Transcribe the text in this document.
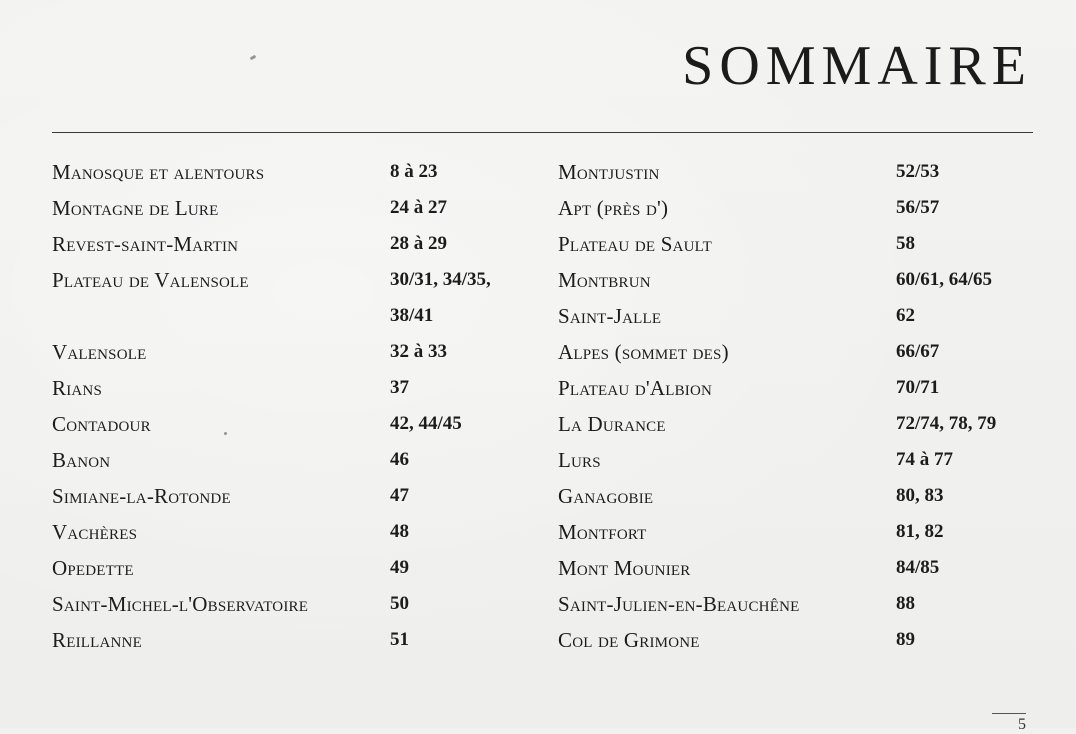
SOMMAIRE
Manosque et alentours	8 à 23
Montagne de Lure	24 à 27
Revest-saint-Martin	28 à 29
Plateau de Valensole	30/31, 34/35,
38/41
Valensole	32 à 33
Rians	37
Contadour	42, 44/45
Banon	46
Simiane-la-Rotonde	47
Vachères	48
Opedette	49
Saint-Michel-l'Observatoire	50
Reillanne	51
Montjustin	52/53
Apt (près d')	56/57
Plateau de Sault	58
Montbrun	60/61, 64/65
Saint-Jalle	62
Alpes (sommet des)	66/67
Plateau d'Albion	70/71
La Durance	72/74, 78, 79
Lurs	74 à 77
Ganagobie	80, 83
Montfort	81, 82
Mont Mounier	84/85
Saint-Julien-en-Beauchêne	88
Col de Grimone	89
5
